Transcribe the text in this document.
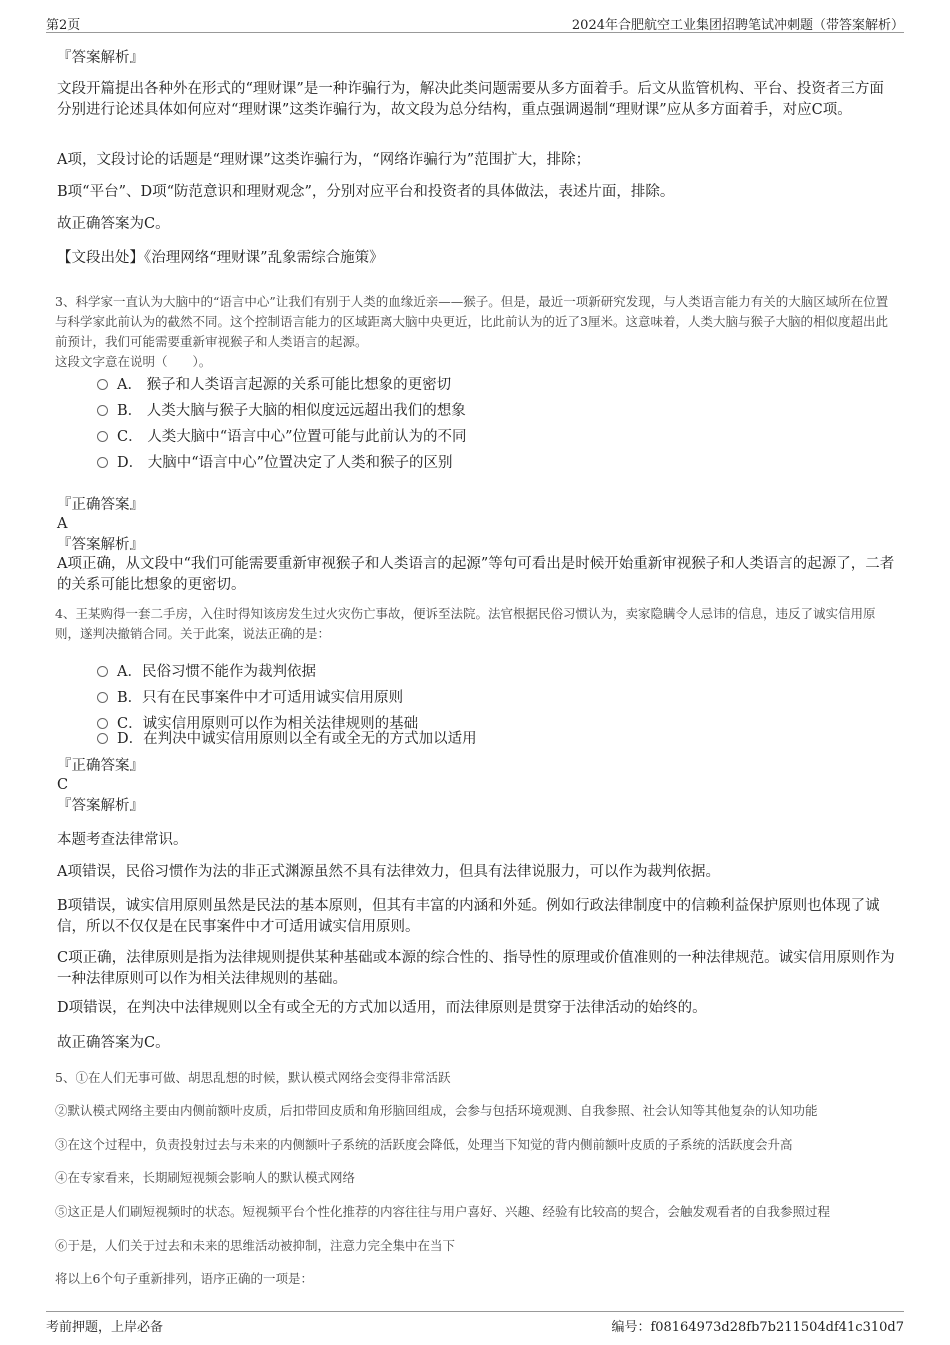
第2页	2024年合肥航空工业集团招聘笔试冲刺题（带答案解析）

『答案解析』

文段开篇提出各种外在形式的“理财课”是一种诈骗行为，解决此类问题需要从多方面着手。后文从监管机构、平台、投资者三方面分别进行论述具体如何应对“理财课”这类诈骗行为，故文段为总分结构，重点强调遏制“理财课”应从多方面着手，对应C项。

A项，文段讨论的话题是“理财课”这类诈骗行为，“网络诈骗行为”范围扩大，排除；

B项“平台”、D项“防范意识和理财观念”，分别对应平台和投资者的具体做法，表述片面，排除。

故正确答案为C。

【文段出处】《治理网络“理财课”乱象需综合施策》

3、科学家一直认为大脑中的“语言中心”让我们有别于人类的血缘近亲——猴子。但是，最近一项新研究发现，与人类语言能力有关的大脑区域所在位置与科学家此前认为的截然不同。这个控制语言能力的区域距离大脑中央更近，比此前认为的近了3厘米。这意味着，人类大脑与猴子大脑的相似度超出此前预计，我们可能需要重新审视猴子和人类语言的起源。

这段文字意在说明（　　）。

A． 猴子和人类语言起源的关系可能比想象的更密切
B． 人类大脑与猴子大脑的相似度远远超出我们的想象
C． 人类大脑中“语言中心”位置可能与此前认为的不同
D． 大脑中“语言中心”位置决定了人类和猴子的区别

『正确答案』

A

『答案解析』

A项正确，从文段中“我们可能需要重新审视猴子和人类语言的起源”等句可看出是时候开始重新审视猴子和人类语言的起源了，二者的关系可能比想象的更密切。

4、王某购得一套二手房，入住时得知该房发生过火灾伤亡事故，便诉至法院。法官根据民俗习惯认为，卖家隐瞒令人忌讳的信息，违反了诚实信用原则，遂判决撤销合同。关于此案，说法正确的是：

A．民俗习惯不能作为裁判依据
B．只有在民事案件中才可适用诚实信用原则
C．诚实信用原则可以作为相关法律规则的基础
D．在判决中诚实信用原则以全有或全无的方式加以适用

『正确答案』

C

『答案解析』

本题考查法律常识。

A项错误，民俗习惯作为法的非正式渊源虽然不具有法律效力，但具有法律说服力，可以作为裁判依据。

B项错误，诚实信用原则虽然是民法的基本原则，但其有丰富的内涵和外延。例如行政法律制度中的信赖利益保护原则也体现了诚信，所以不仅仅是在民事案件中才可适用诚实信用原则。

C项正确，法律原则是指为法律规则提供某种基础或本源的综合性的、指导性的原理或价值准则的一种法律规范。诚实信用原则作为一种法律原则可以作为相关法律规则的基础。

D项错误，在判决中法律规则以全有或全无的方式加以适用，而法律原则是贯穿于法律活动的始终的。

故正确答案为C。

5、①在人们无事可做、胡思乱想的时候，默认模式网络会变得非常活跃

②默认模式网络主要由内侧前额叶皮质，后扣带回皮质和角形脑回组成，会参与包括环境观测、自我参照、社会认知等其他复杂的认知功能

③在这个过程中，负责投射过去与未来的内侧额叶子系统的活跃度会降低，处理当下知觉的背内侧前额叶皮质的子系统的活跃度会升高

④在专家看来，长期刷短视频会影响人的默认模式网络

⑤这正是人们刷短视频时的状态。短视频平台个性化推荐的内容往往与用户喜好、兴趣、经验有比较高的契合，会触发观看者的自我参照过程

⑥于是，人们关于过去和未来的思维活动被抑制，注意力完全集中在当下

将以上6个句子重新排列，语序正确的一项是：

考前押题，上岸必备	编号：f08164973d28fb7b211504df41c310d7
